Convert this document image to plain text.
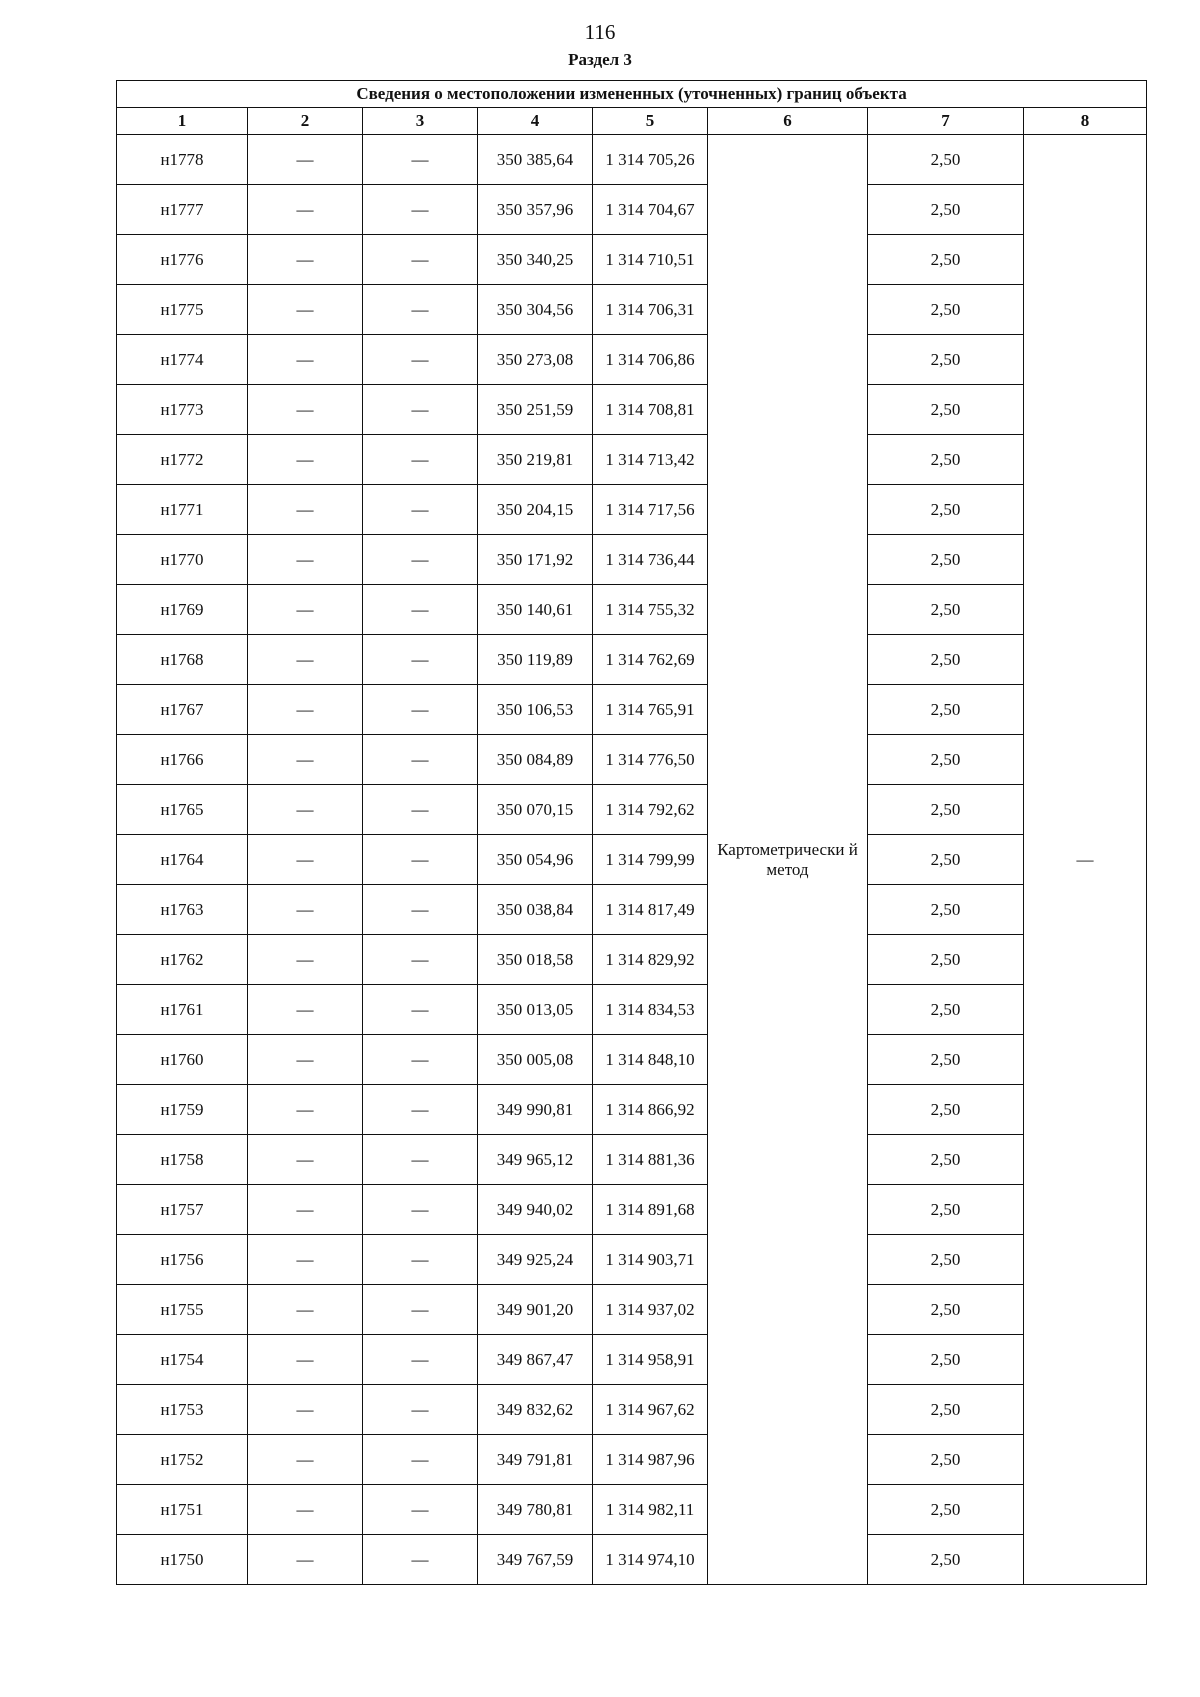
116
Раздел 3
Сведения о местоположении измененных (уточненных) границ объекта							
1	2	3	4	5	6	7	8
н1778	—	—	350 385,64	1 314 705,26	Картометрически й метод	2,50	—
н1777	—	—	350 357,96	1 314 704,67		2,50	
н1776	—	—	350 340,25	1 314 710,51		2,50	
н1775	—	—	350 304,56	1 314 706,31		2,50	
н1774	—	—	350 273,08	1 314 706,86		2,50	
н1773	—	—	350 251,59	1 314 708,81		2,50	
н1772	—	—	350 219,81	1 314 713,42		2,50	
н1771	—	—	350 204,15	1 314 717,56		2,50	
н1770	—	—	350 171,92	1 314 736,44		2,50	
н1769	—	—	350 140,61	1 314 755,32		2,50	
н1768	—	—	350 119,89	1 314 762,69		2,50	
н1767	—	—	350 106,53	1 314 765,91		2,50	
н1766	—	—	350 084,89	1 314 776,50		2,50	
н1765	—	—	350 070,15	1 314 792,62		2,50	
н1764	—	—	350 054,96	1 314 799,99		2,50	
н1763	—	—	350 038,84	1 314 817,49		2,50	
н1762	—	—	350 018,58	1 314 829,92		2,50	
н1761	—	—	350 013,05	1 314 834,53		2,50	
н1760	—	—	350 005,08	1 314 848,10		2,50	
н1759	—	—	349 990,81	1 314 866,92		2,50	
н1758	—	—	349 965,12	1 314 881,36		2,50	
н1757	—	—	349 940,02	1 314 891,68		2,50	
н1756	—	—	349 925,24	1 314 903,71		2,50	
н1755	—	—	349 901,20	1 314 937,02		2,50	
н1754	—	—	349 867,47	1 314 958,91		2,50	
н1753	—	—	349 832,62	1 314 967,62		2,50	
н1752	—	—	349 791,81	1 314 987,96		2,50	
н1751	—	—	349 780,81	1 314 982,11		2,50	
н1750	—	—	349 767,59	1 314 974,10		2,50	
